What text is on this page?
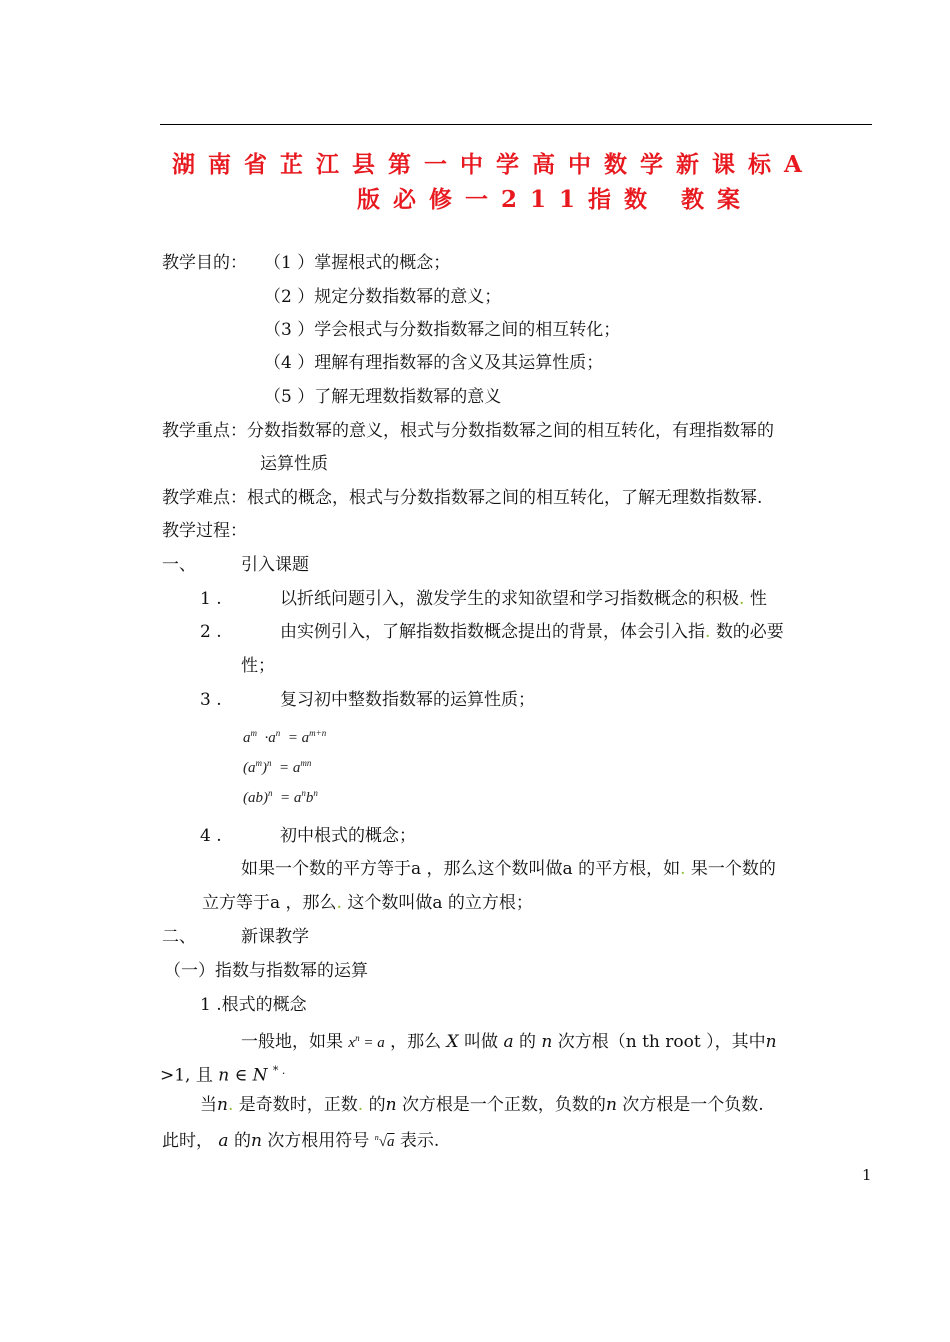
湖南省芷江县第一中学高中数学新课标A
版必修一211指数 教案
教学目的： （1 ）掌握根式的概念；
（2 ）规定分数指数幂的意义；
（3 ）学会根式与分数指数幂之间的相互转化；
（4 ）理解有理指数幂的含义及其运算性质；
（5 ）了解无理数指数幂的意义
教学重点：分数指数幂的意义，根式与分数指数幂之间的相互转化，有理指数幂的
运算性质
教学难点：根式的概念，根式与分数指数幂之间的相互转化，了解无理数指数幂.
教学过程：
一、	引入课题
1 .	以折纸问题引入，激发学生的求知欲望和学习指数概念的积极. 性
2 .	由实例引入，了解指数指数概念提出的背景，体会引入指. 数的必要
性；
3 .	复习初中整数指数幂的运算性质；
$a^m \cdot a^n = a^{m+n}$
$(a^m)^n = a^{mn}$
$(ab)^n = a^nb^n$
4 .	初中根式的概念；
如果一个数的平方等于a ，那么这个数叫做a 的平方根，如. 果一个数的
立方等于a ，那么. 这个数叫做a 的立方根；
二、	新课教学
（一）指数与指数幂的运算
1 .根式的概念
一般地，如果 $x^n = a$ ，那么 X 叫做 a 的 n 次方根（n th root ），其中n
>1, 且 n ∈ N * .
当n. 是奇数时，正数. 的n 次方根是一个正数，负数的n 次方根是一个负数.
此时， a 的n 次方根用符号 $^n$√a 表示.
1
